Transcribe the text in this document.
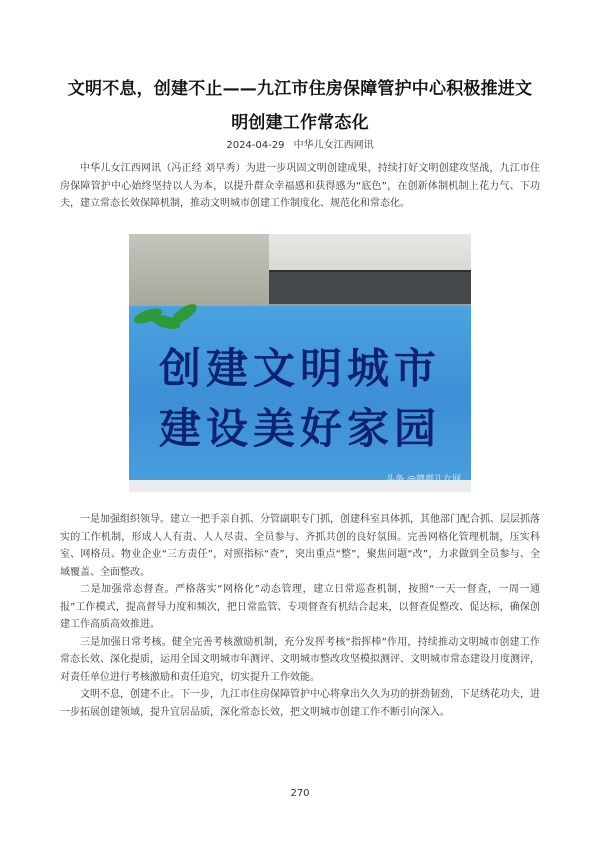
文明不息，创建不止——九江市住房保障管护中心积极推进文明创建工作常态化
2024-04-29 中华儿女江西网讯

中华儿女江西网讯（冯正经 刘早秀）为进一步巩固文明创建成果，持续打好文明创建攻坚战，九江市住房保障管护中心始终坚持以人为本，以提升群众幸福感和获得感为“底色”，在创新体制机制上花力气、下功夫，建立常态长效保障机制，推动文明城市创建工作制度化、规范化和常态化。

创建文明城市
建设美好家园

一是加强组织领导。建立一把手亲自抓、分管副职专门抓，创建科室具体抓，其他部门配合抓、层层抓落实的工作机制，形成人人有责、人人尽责、全员参与、齐抓共创的良好氛围。完善网格化管理机制，压实科室、网格员、物业企业“三方责任”，对照指标“查”，突出重点“整”，聚焦问题“改”，力求做到全员参与、全域覆盖、全面整改。

二是加强常态督查。严格落实“网格化”动态管理，建立日常巡查机制，按照“一天一督查，一周一通报”工作模式，提高督导力度和频次，把日常监管、专项督查有机结合起来，以督查促整改、促达标，确保创建工作高质高效推进。

三是加强日常考核。健全完善考核激励机制，充分发挥考核“指挥棒”作用，持续推动文明城市创建工作常态长效、深化提质，运用全国文明城市年测评、文明城市整改攻坚模拟测评、文明城市常态建设月度测评，对责任单位进行考核激励和责任追究，切实提升工作效能。

文明不息，创建不止。下一步，九江市住房保障管护中心将拿出久久为功的拼劲韧劲，下足绣花功夫，进一步拓展创建领域，提升宜居品质，深化常态长效，把文明城市创建工作不断引向深入。

270
